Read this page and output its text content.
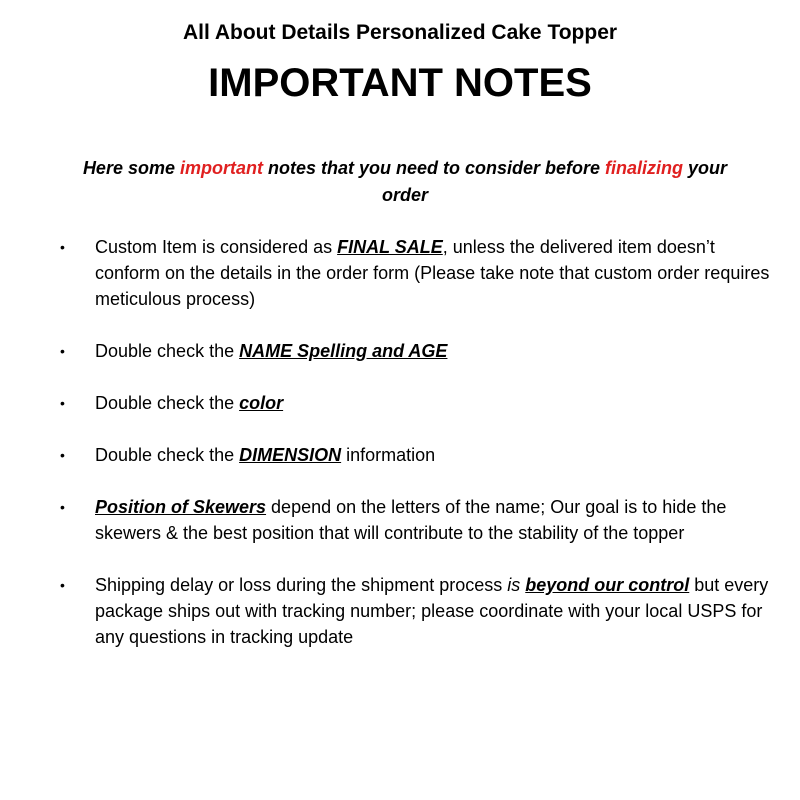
All About Details Personalized Cake Topper
IMPORTANT NOTES
Here some important notes that you need to consider before finalizing your order
• Custom Item is considered as FINAL SALE, unless the delivered item doesn’t conform on the details in the order form (Please take note that custom order requires meticulous process)
• Double check the NAME Spelling and AGE
• Double check the color
• Double check the DIMENSION information
• Position of Skewers depend on the letters of the name; Our goal is to hide the skewers & the best position that will contribute to the stability of the topper
• Shipping delay or loss during the shipment process is beyond our control but every package ships out with tracking number; please coordinate with your local USPS for any questions in tracking update
